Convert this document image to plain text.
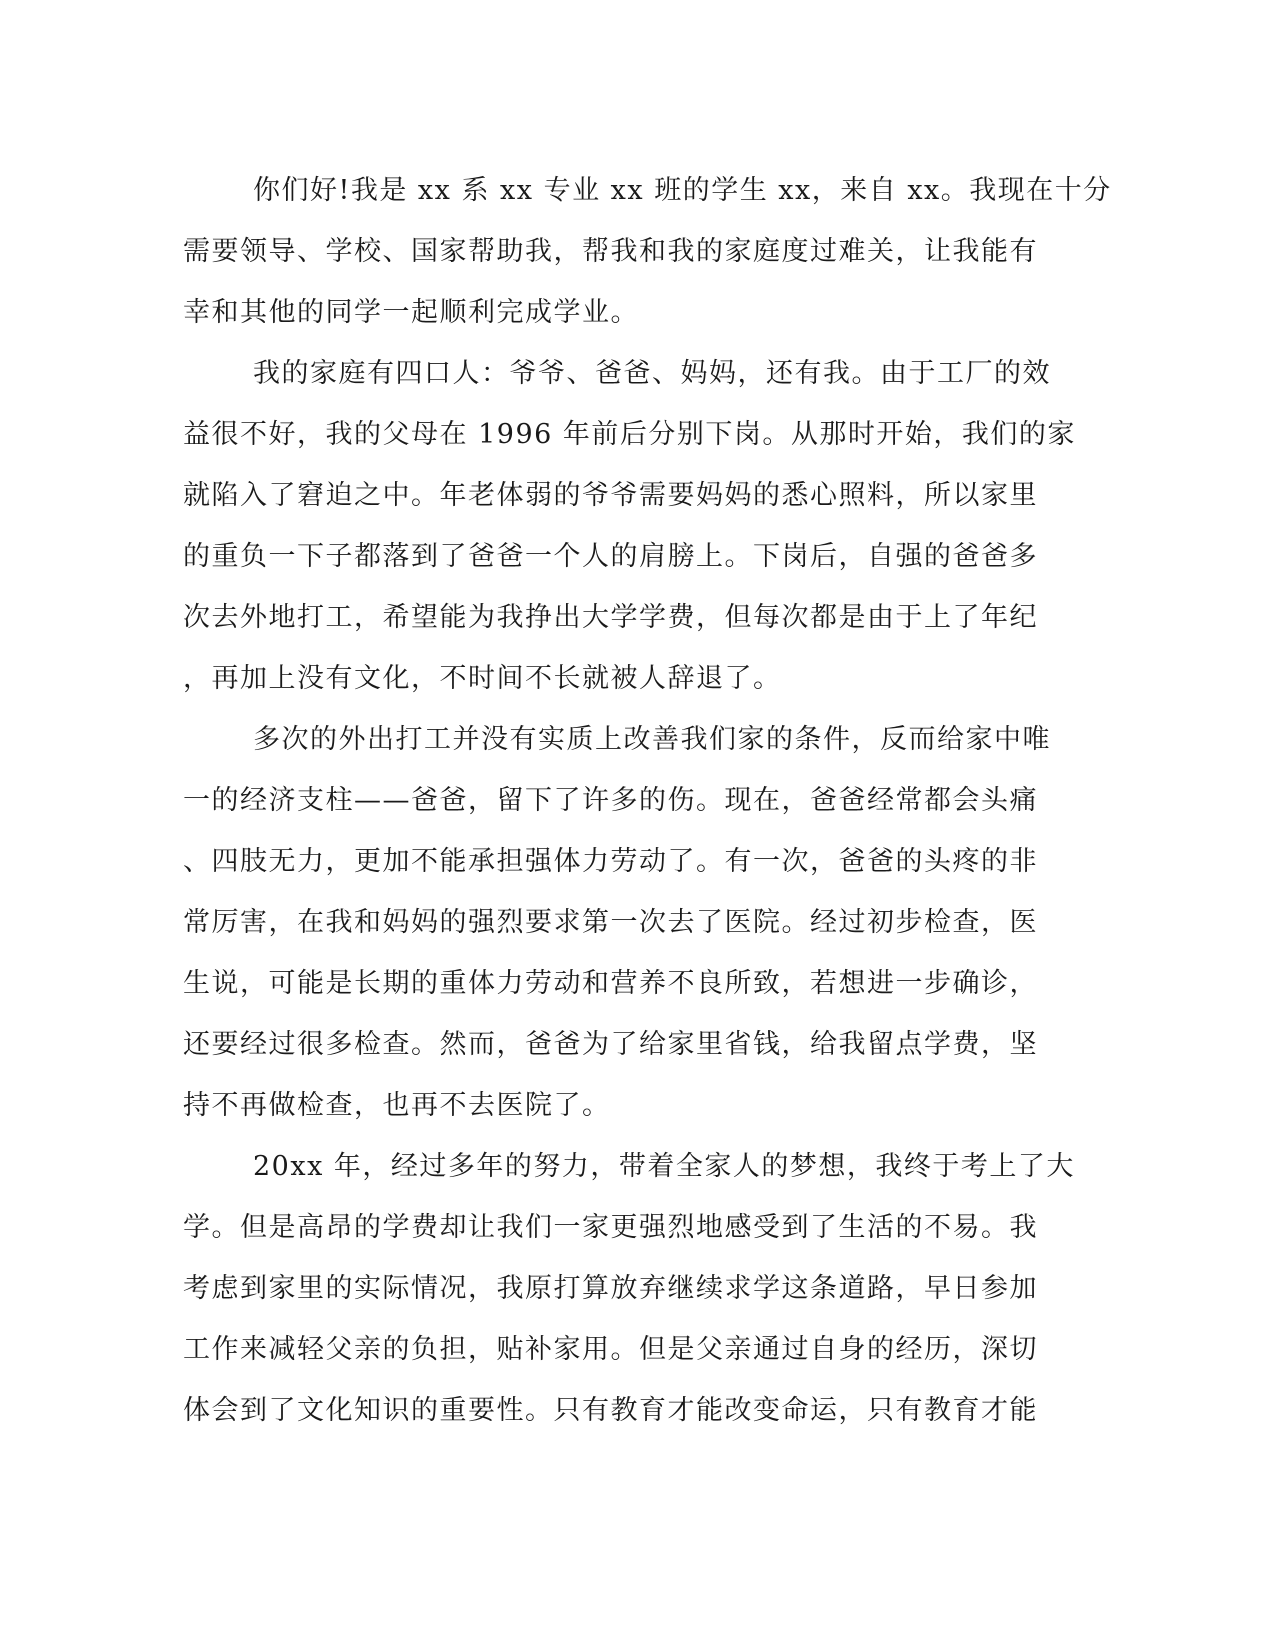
你们好!我是 xx 系 xx 专业 xx 班的学生 xx，来自 xx。我现在十分
需要领导、学校、国家帮助我，帮我和我的家庭度过难关，让我能有
幸和其他的同学一起顺利完成学业。
我的家庭有四口人：爷爷、爸爸、妈妈，还有我。由于工厂的效
益很不好，我的父母在 1996 年前后分别下岗。从那时开始，我们的家
就陷入了窘迫之中。年老体弱的爷爷需要妈妈的悉心照料，所以家里
的重负一下子都落到了爸爸一个人的肩膀上。下岗后，自强的爸爸多
次去外地打工，希望能为我挣出大学学费，但每次都是由于上了年纪
，再加上没有文化，不时间不长就被人辞退了。
多次的外出打工并没有实质上改善我们家的条件，反而给家中唯
一的经济支柱——爸爸，留下了许多的伤。现在，爸爸经常都会头痛
、四肢无力，更加不能承担强体力劳动了。有一次，爸爸的头疼的非
常厉害，在我和妈妈的强烈要求第一次去了医院。经过初步检查，医
生说，可能是长期的重体力劳动和营养不良所致，若想进一步确诊，
还要经过很多检查。然而，爸爸为了给家里省钱，给我留点学费，坚
持不再做检查，也再不去医院了。
20xx 年，经过多年的努力，带着全家人的梦想，我终于考上了大
学。但是高昂的学费却让我们一家更强烈地感受到了生活的不易。我
考虑到家里的实际情况，我原打算放弃继续求学这条道路，早日参加
工作来减轻父亲的负担，贴补家用。但是父亲通过自身的经历，深切
体会到了文化知识的重要性。只有教育才能改变命运，只有教育才能
